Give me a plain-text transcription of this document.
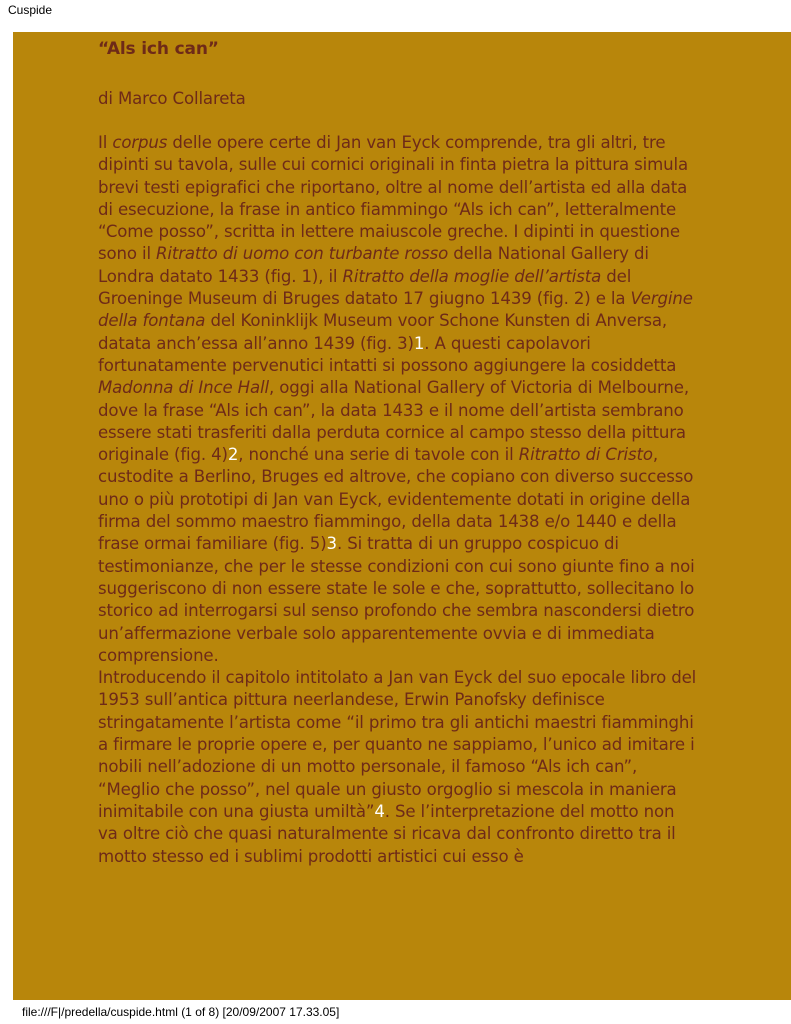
Cuspide

“Als ich can”

di Marco Collareta

Il corpus delle opere certe di Jan van Eyck comprende, tra gli altri, tre dipinti su tavola, sulle cui cornici originali in finta pietra la pittura simula brevi testi epigrafici che riportano, oltre al nome dell’artista ed alla data di esecuzione, la frase in antico fiammingo “Als ich can”, letteralmente “Come posso”, scritta in lettere maiuscole greche. I dipinti in questione sono il Ritratto di uomo con turbante rosso della National Gallery di Londra datato 1433 (fig. 1), il Ritratto della moglie dell’artista del Groeninge Museum di Bruges datato 17 giugno 1439 (fig. 2) e la Vergine della fontana del Koninklijk Museum voor Schone Kunsten di Anversa, datata anch’essa all’anno 1439 (fig. 3)1. A questi capolavori fortunatamente pervenutici intatti si possono aggiungere la cosiddetta Madonna di Ince Hall, oggi alla National Gallery of Victoria di Melbourne, dove la frase “Als ich can”, la data 1433 e il nome dell’artista sembrano essere stati trasferiti dalla perduta cornice al campo stesso della pittura originale (fig. 4)2, nonché una serie di tavole con il Ritratto di Cristo, custodite a Berlino, Bruges ed altrove, che copiano con diverso successo uno o più prototipi di Jan van Eyck, evidentemente dotati in origine della firma del sommo maestro fiammingo, della data 1438 e/o 1440 e della frase ormai familiare (fig. 5)3. Si tratta di un gruppo cospicuo di testimonianze, che per le stesse condizioni con cui sono giunte fino a noi suggeriscono di non essere state le sole e che, soprattutto, sollecitano lo storico ad interrogarsi sul senso profondo che sembra nascondersi dietro un’affermazione verbale solo apparentemente ovvia e di immediata comprensione.

Introducendo il capitolo intitolato a Jan van Eyck del suo epocale libro del 1953 sull’antica pittura neerlandese, Erwin Panofsky definisce stringatamente l’artista come “il primo tra gli antichi maestri fiamminghi a firmare le proprie opere e, per quanto ne sappiamo, l’unico ad imitare i nobili nell’adozione di un motto personale, il famoso “Als ich can”, “Meglio che posso”, nel quale un giusto orgoglio si mescola in maniera inimitabile con una giusta umiltà”4. Se l’interpretazione del motto non va oltre ciò che quasi naturalmente si ricava dal confronto diretto tra il motto stesso ed i sublimi prodotti artistici cui esso è

file:///F|/predella/cuspide.html (1 of 8) [20/09/2007 17.33.05]
